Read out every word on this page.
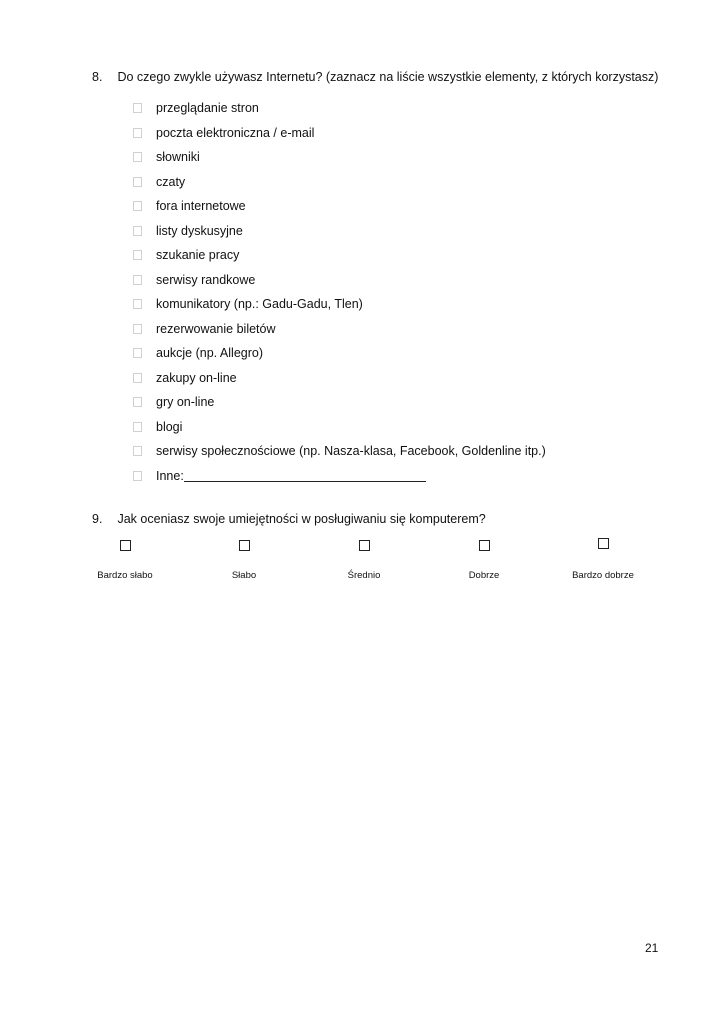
8. Do czego zwykle używasz Internetu? (zaznacz na liście wszystkie elementy, z których korzystasz)
przeglądanie stron
poczta elektroniczna / e-mail
słowniki
czaty
fora internetowe
listy dyskusyjne
szukanie pracy
serwisy randkowe
komunikatory (np.: Gadu-Gadu, Tlen)
rezerwowanie biletów
aukcje (np. Allegro)
zakupy on-line
gry on-line
blogi
serwisy społecznościowe (np. Nasza-klasa, Facebook, Goldenline itp.)
Inne:
9. Jak oceniasz swoje umiejętności w posługiwaniu się komputerem?
Bardzo słabo	Słabo	Średnio	Dobrze	Bardzo dobrze
21
